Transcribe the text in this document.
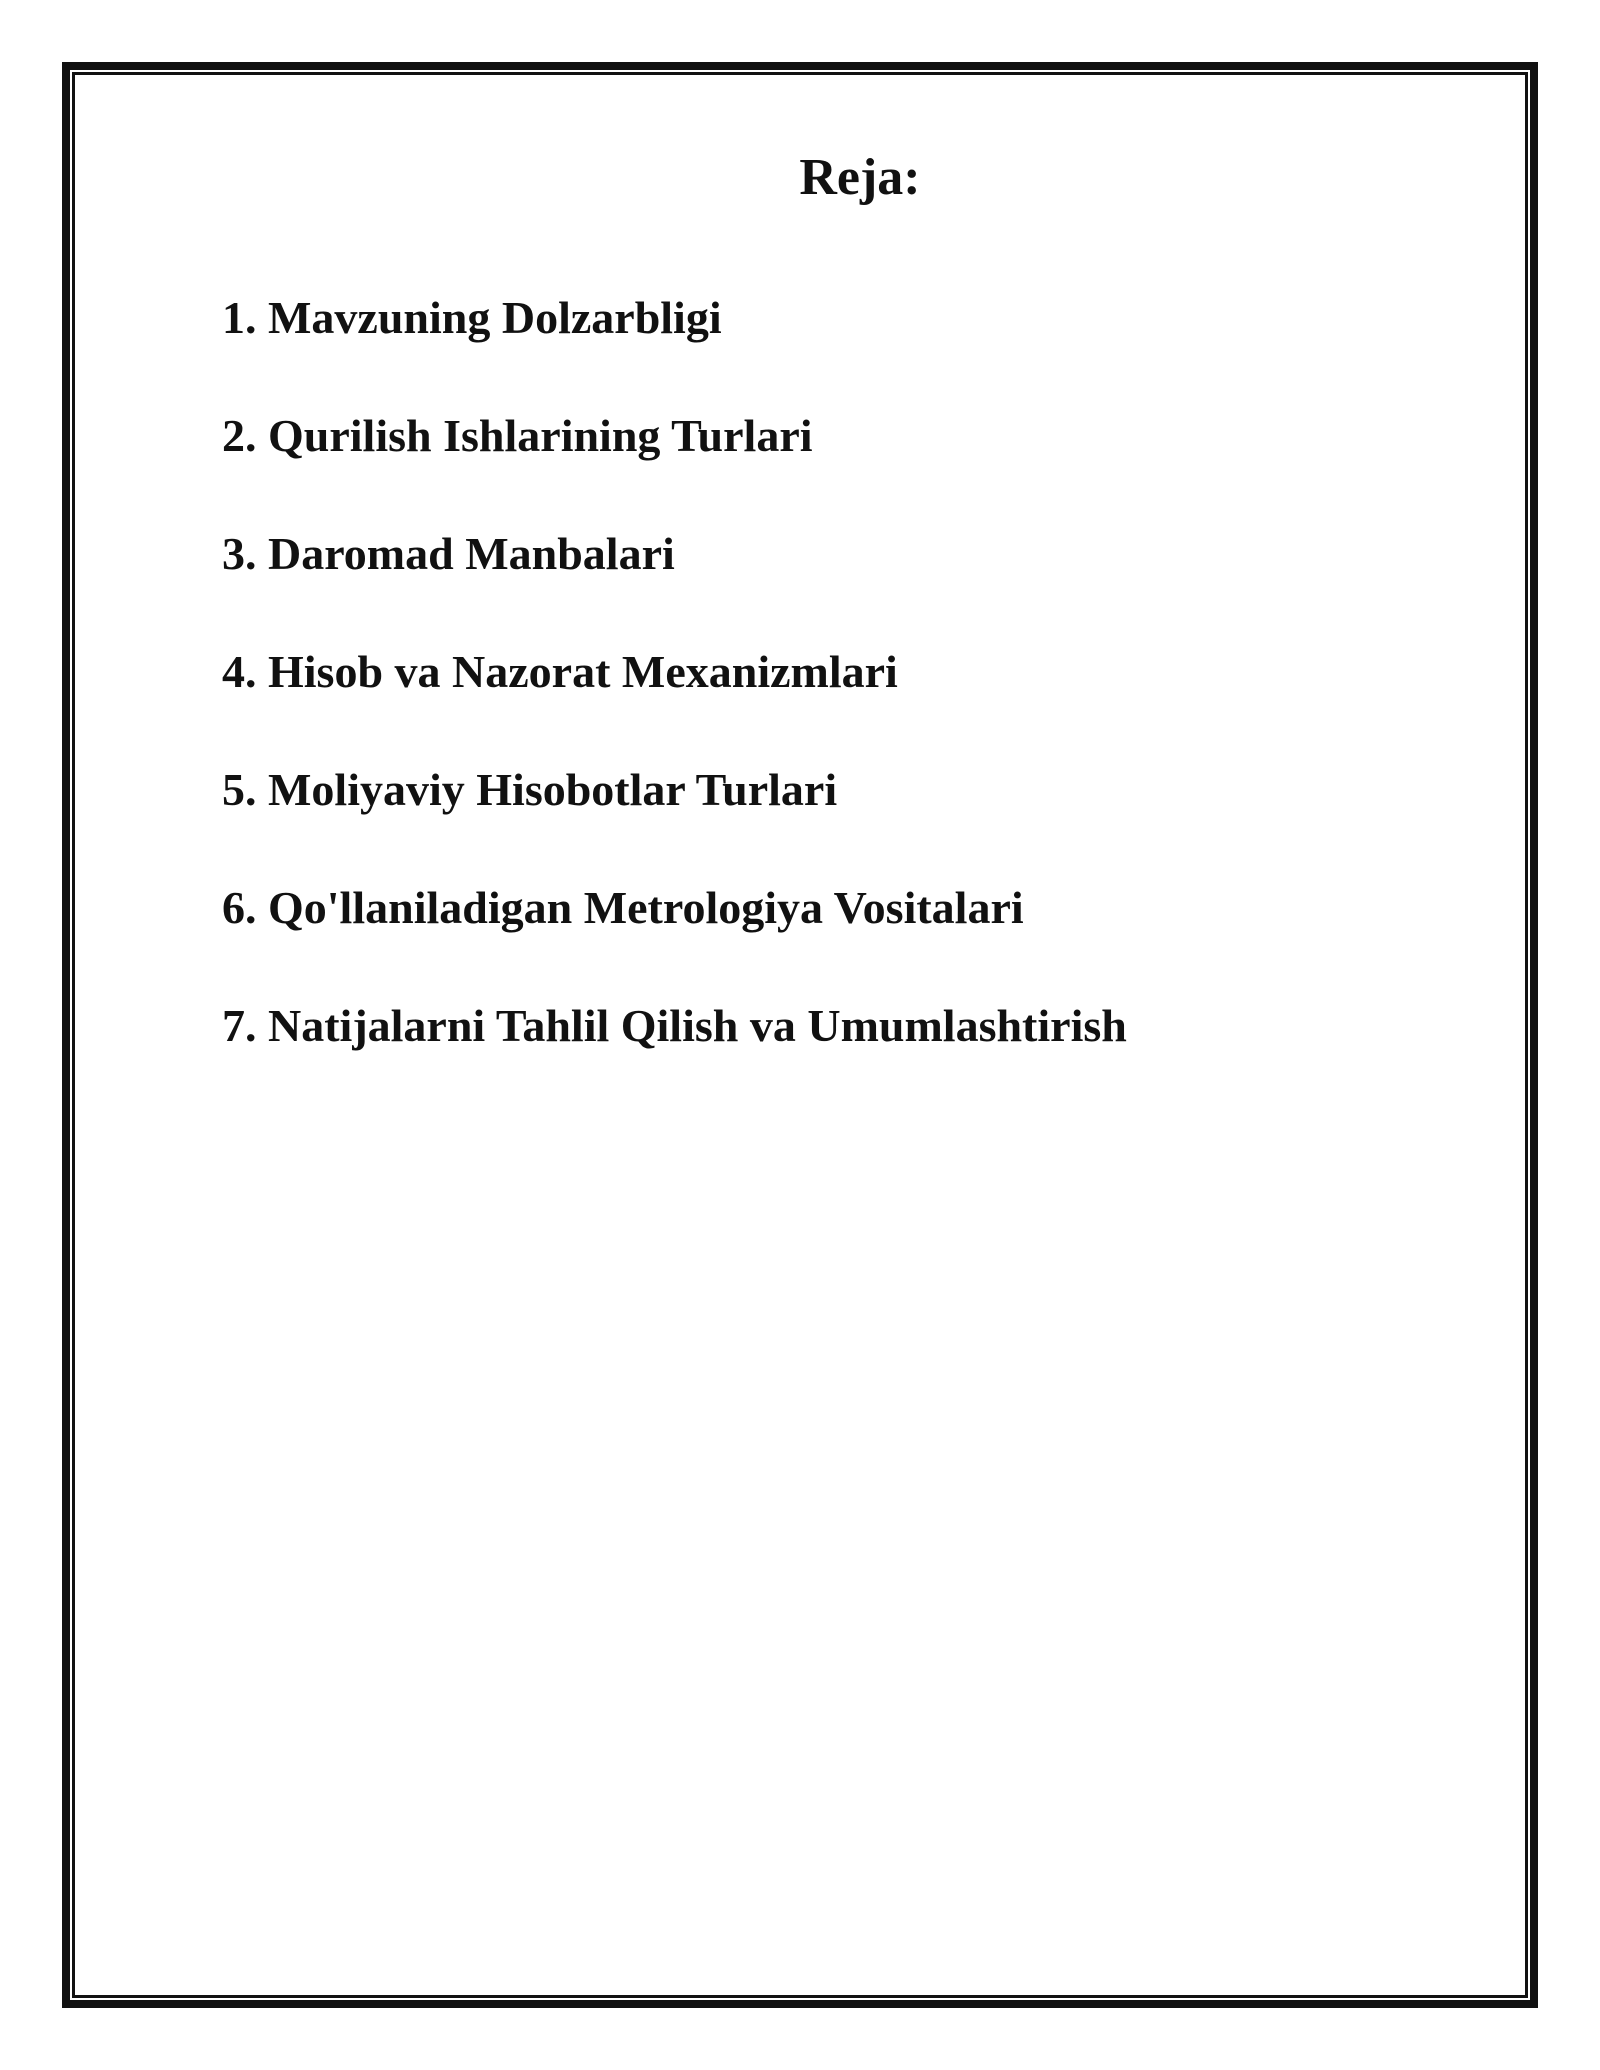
Reja:
1. Mavzuning Dolzarbligi
2. Qurilish Ishlarining Turlari
3. Daromad Manbalari
4. Hisob va Nazorat Mexanizmlari
5. Moliyaviy Hisobotlar Turlari
6. Qo'llaniladigan Metrologiya Vositalari
7. Natijalarni Tahlil Qilish va Umumlashtirish
